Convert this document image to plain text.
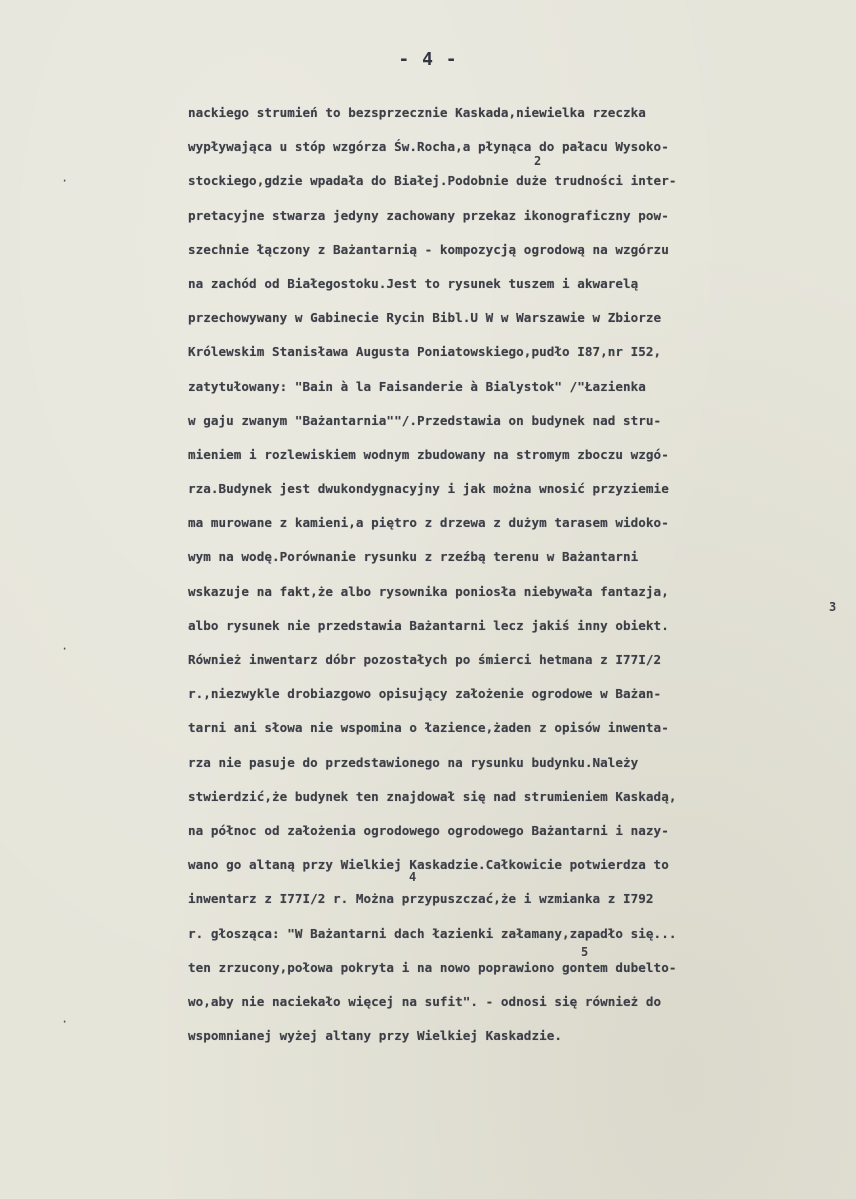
- 4 -
nackiego strumień to bezsprzecznie Kaskada,niewielka rzeczka
wypływająca u stóp wzgórza Św.Rocha,a płynąca do pałacu Wysoko-
stockiego,gdzie wpadała do Białej.Podobnie duże trudności inter-
pretacyjne stwarza jedyny zachowany przekaz ikonograficzny pow-
szechnie łączony z Bażantarnią - kompozycją ogrodową na wzgórzu
na zachód od Białegostoku.Jest to rysunek tuszem i akwarelą
przechowywany w Gabinecie Rycin Bibl.U W w Warszawie w Zbiorze
Królewskim Stanisława Augusta Poniatowskiego,pudło I87,nr I52,
zatytułowany: "Bain à la Faisanderie à Bialystok" /"Łazienka
w gaju zwanym "Bażantarnia""/.Przedstawia on budynek nad stru-
mieniem i rozlewiskiem wodnym zbudowany na stromym zboczu wzgó-
rza.Budynek jest dwukondygnacyjny i jak można wnosić przyziemie
ma murowane z kamieni,a piętro z drzewa z dużym tarasem widoko-
wym na wodę.Porównanie rysunku z rzeźbą terenu w Bażantarni
wskazuje na fakt,że albo rysownika poniosła niebywała fantazja,
albo rysunek nie przedstawia Bażantarni lecz jakiś inny obiekt.
Również inwentarz dóbr pozostałych po śmierci hetmana z I77I/2
r.,niezwykle drobiazgowo opisujący założenie ogrodowe w Bażan-
tarni ani słowa nie wspomina o łazience,żaden z opisów inwenta-
rza nie pasuje do przedstawionego na rysunku budynku.Należy
stwierdzić,że budynek ten znajdował się nad strumieniem Kaskadą,
na północ od założenia ogrodowego ogrodowego Bażantarni i nazy-
wano go altaną przy Wielkiej Kaskadzie.Całkowicie potwierdza to
inwentarz z I77I/2 r. Można przypuszczać,że i wzmianka z I792
r. głosząca: "W Bażantarni dach łazienki załamany,zapadło się...
ten zrzucony,połowa pokryta i na nowo poprawiono gontem dubelto-
wo,aby nie naciekało więcej na sufit". - odnosi się również do
wspomnianej wyżej altany przy Wielkiej Kaskadzie.
2
3
4
5
·
·
·
